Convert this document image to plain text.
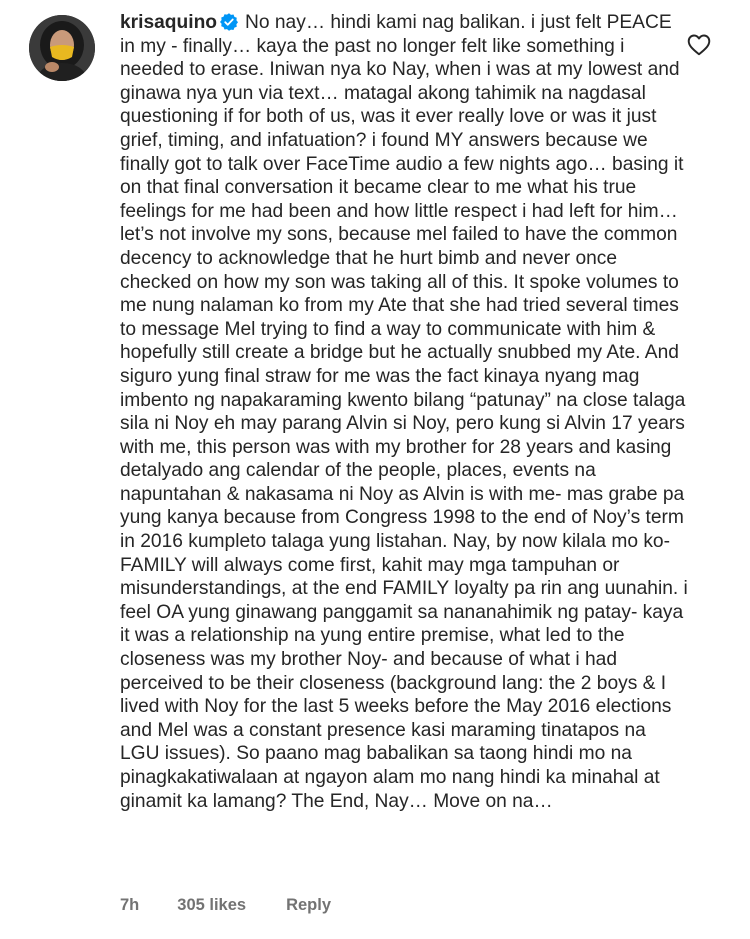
krisaquino No nay… hindi kami nag balikan. i just felt PEACE in my - finally… kaya the past no longer felt like something i needed to erase. Iniwan nya ko Nay, when i was at my lowest and ginawa nya yun via text… matagal akong tahimik na nagdasal questioning if for both of us, was it ever really love or was it just grief, timing, and infatuation? i found MY answers because we finally got to talk over FaceTime audio a few nights ago… basing it on that final conversation it became clear to me what his true feelings for me had been and how little respect i had left for him… let’s not involve my sons, because mel failed to have the common decency to acknowledge that he hurt bimb and never once checked on how my son was taking all of this. It spoke volumes to me nung nalaman ko from my Ate that she had tried several times to message Mel trying to find a way to communicate with him & hopefully still create a bridge but he actually snubbed my Ate. And siguro yung final straw for me was the fact kinaya nyang mag imbento ng napakaraming kwento bilang “patunay” na close talaga sila ni Noy eh may parang Alvin si Noy, pero kung si Alvin 17 years with me, this person was with my brother for 28 years and kasing detalyado ang calendar of the people, places, events na napuntahan & nakasama ni Noy as Alvin is with me- mas grabe pa yung kanya because from Congress 1998 to the end of Noy’s term in 2016 kumpleto talaga yung listahan. Nay, by now kilala mo ko- FAMILY will always come first, kahit may mga tampuhan or misunderstandings, at the end FAMILY loyalty pa rin ang uunahin. i feel OA yung ginawang panggamit sa nananahimik ng patay- kaya it was a relationship na yung entire premise, what led to the closeness was my brother Noy- and because of what i had perceived to be their closeness (background lang: the 2 boys & I lived with Noy for the last 5 weeks before the May 2016 elections and Mel was a constant presence kasi maraming tinatapos na LGU issues). So paano mag babalikan sa taong hindi mo na pinagkakatiwalaan at ngayon alam mo nang hindi ka minahal at ginamit ka lamang? The End, Nay… Move on na…
7h 305 likes Reply
